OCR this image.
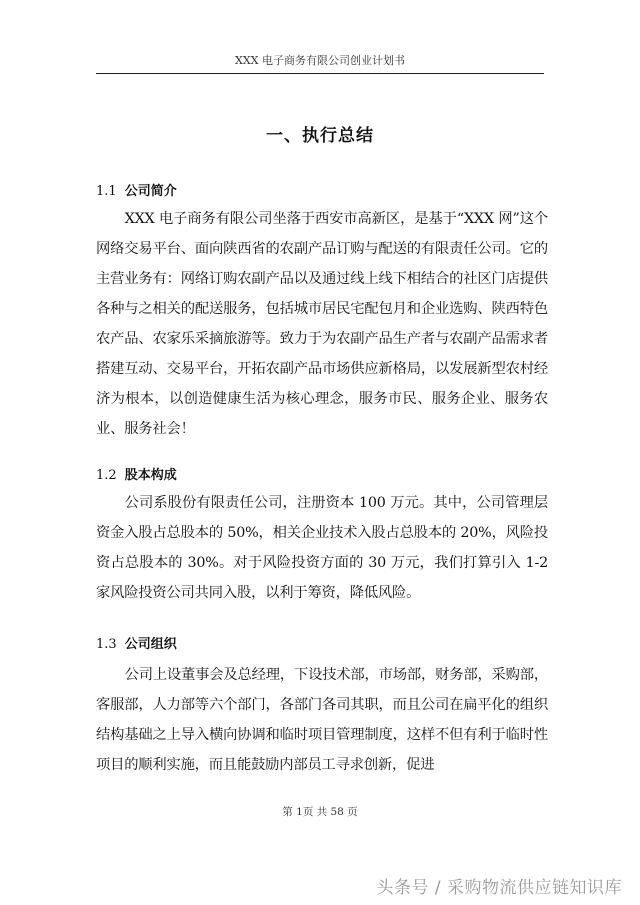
XXX 电子商务有限公司创业计划书
一、执行总结
1.1 公司简介

XXX 电子商务有限公司坐落于西安市高新区，是基于“XXX 网”这个网络交易平台、面向陕西省的农副产品订购与配送的有限责任公司。它的主营业务有：网络订购农副产品以及通过线上线下相结合的社区门店提供各种与之相关的配送服务，包括城市居民宅配包月和企业选购、陕西特色农产品、农家乐采摘旅游等。致力于为农副产品生产者与农副产品需求者搭建互动、交易平台，开拓农副产品市场供应新格局，以发展新型农村经济为根本，以创造健康生活为核心理念，服务市民、服务企业、服务农业、服务社会！

1.2 股本构成

公司系股份有限责任公司，注册资本 100 万元。其中，公司管理层资金入股占总股本的 50%，相关企业技术入股占总股本的 20%，风险投资占总股本的 30%。对于风险投资方面的 30 万元，我们打算引入 1-2 家风险投资公司共同入股，以利于筹资，降低风险。

1.3 公司组织

公司上设董事会及总经理，下设技术部，市场部，财务部，采购部，客服部，人力部等六个部门，各部门各司其职，而且公司在扁平化的组织结构基础之上导入横向协调和临时项目管理制度，这样不但有利于临时性项目的顺利实施，而且能鼓励内部员工寻求创新，促进

第 1页 共 58 页
头条号 / 采购物流供应链知识库
